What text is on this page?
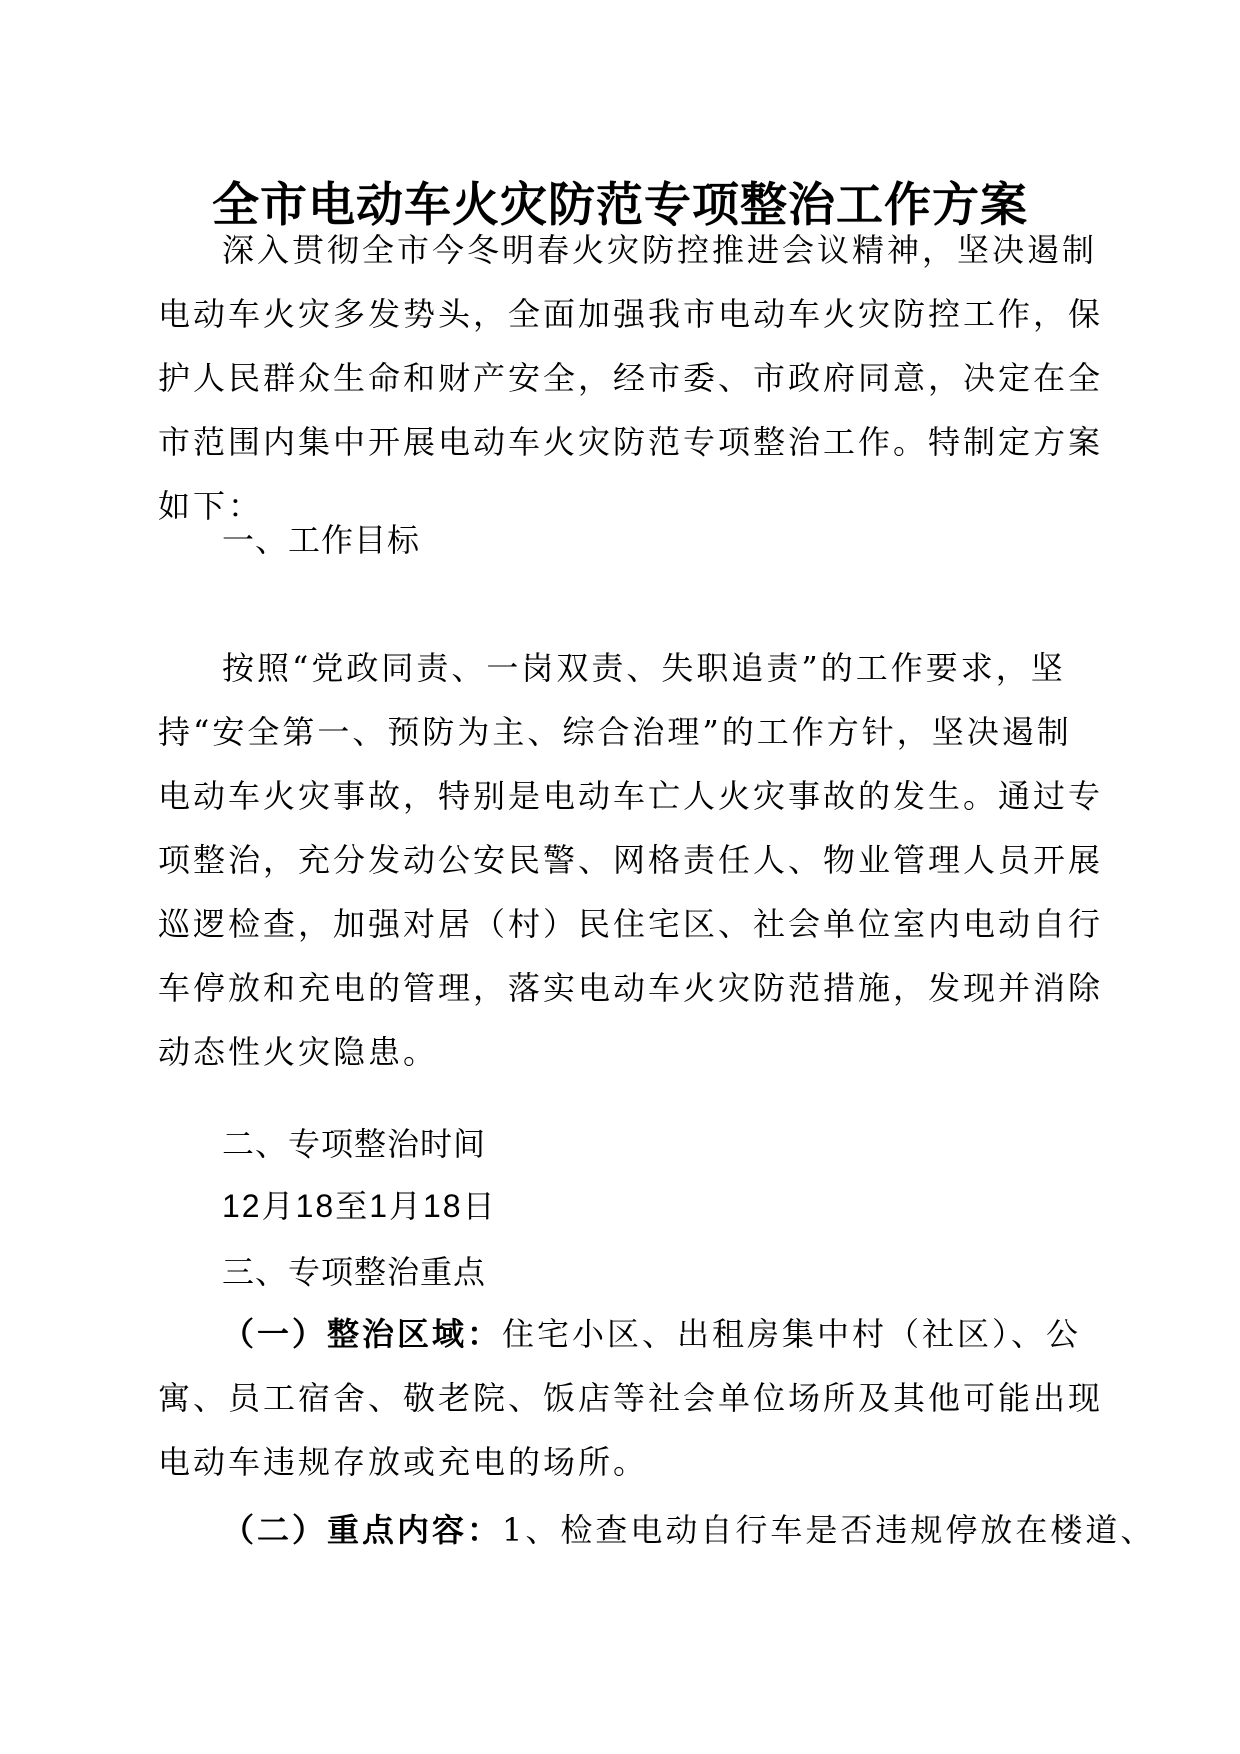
全市电动车火灾防范专项整治工作方案
深入贯彻全市今冬明春火灾防控推进会议精神，坚决遏制
电动车火灾多发势头，全面加强我市电动车火灾防控工作，保
护人民群众生命和财产安全，经市委、市政府同意，决定在全
市范围内集中开展电动车火灾防范专项整治工作。特制定方案
如下：
一、工作目标
按照“党政同责、一岗双责、失职追责”的工作要求，坚
持“安全第一、预防为主、综合治理”的工作方针，坚决遏制
电动车火灾事故，特别是电动车亡人火灾事故的发生。通过专
项整治，充分发动公安民警、网格责任人、物业管理人员开展
巡逻检查，加强对居（村）民住宅区、社会单位室内电动自行
车停放和充电的管理，落实电动车火灾防范措施，发现并消除
动态性火灾隐患。
二、专项整治时间
12月18至1月18日
三、专项整治重点
（一）整治区域：住宅小区、出租房集中村（社区）、公
寓、员工宿舍、敬老院、饭店等社会单位场所及其他可能出现
电动车违规存放或充电的场所。
（二）重点内容：1、检查电动自行车是否违规停放在楼道、
